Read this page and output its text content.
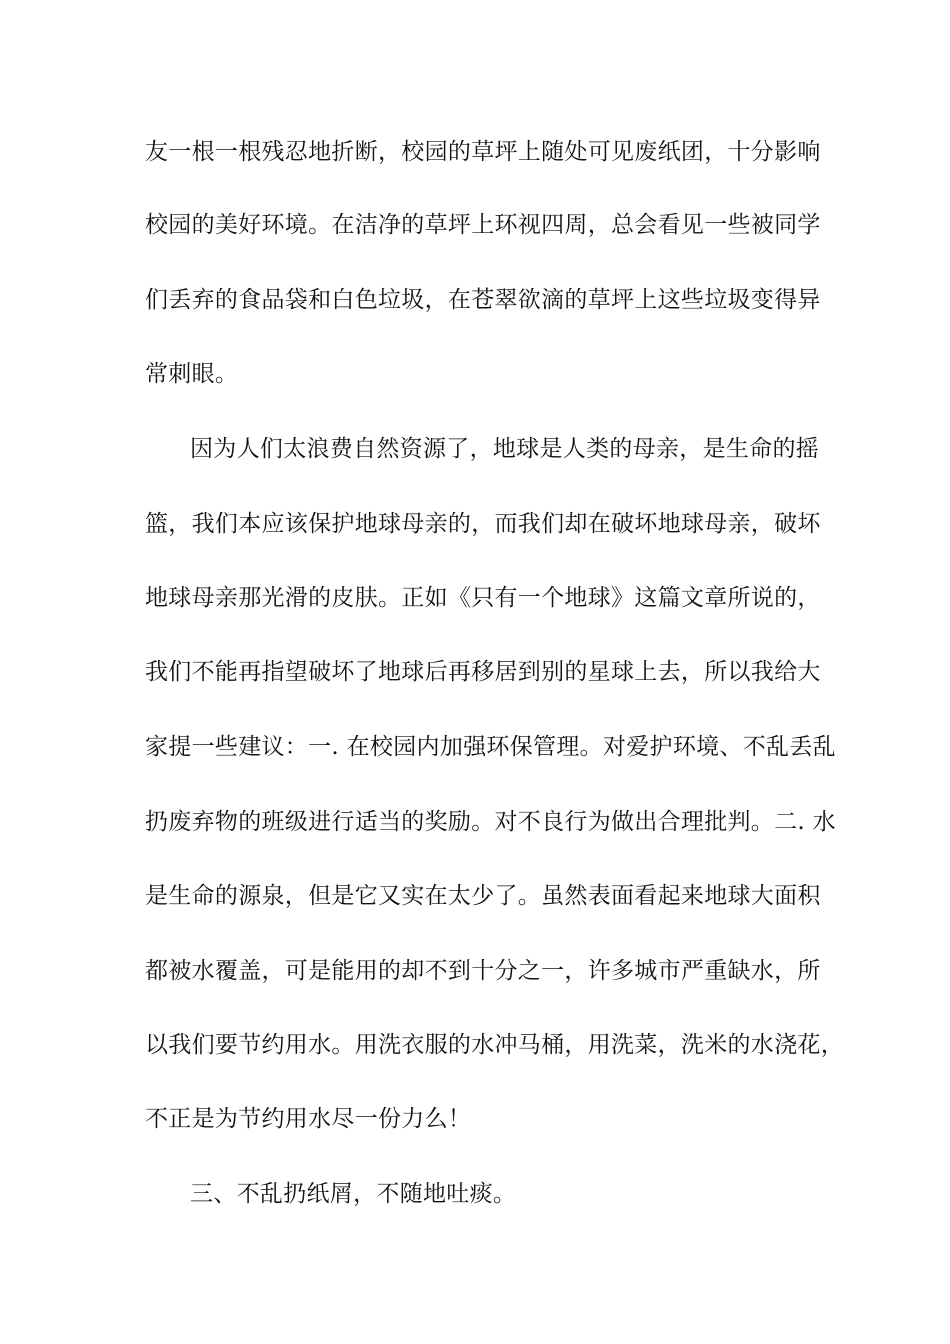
友一根一根残忍地折断，校园的草坪上随处可见废纸团，十分影响
校园的美好环境。在洁净的草坪上环视四周，总会看见一些被同学
们丢弃的食品袋和白色垃圾，在苍翠欲滴的草坪上这些垃圾变得异
常刺眼。
因为人们太浪费自然资源了，地球是人类的母亲，是生命的摇
篮，我们本应该保护地球母亲的，而我们却在破坏地球母亲，破坏
地球母亲那光滑的皮肤。正如《只有一个地球》这篇文章所说的，
我们不能再指望破坏了地球后再移居到别的星球上去，所以我给大
家提一些建议：一. 在校园内加强环保管理。对爱护环境、不乱丢乱
扔废弃物的班级进行适当的奖励。对不良行为做出合理批判。二. 水
是生命的源泉，但是它又实在太少了。虽然表面看起来地球大面积
都被水覆盖，可是能用的却不到十分之一，许多城市严重缺水，所
以我们要节约用水。用洗衣服的水冲马桶，用洗菜，洗米的水浇花，
不正是为节约用水尽一份力么！
三、不乱扔纸屑，不随地吐痰。
